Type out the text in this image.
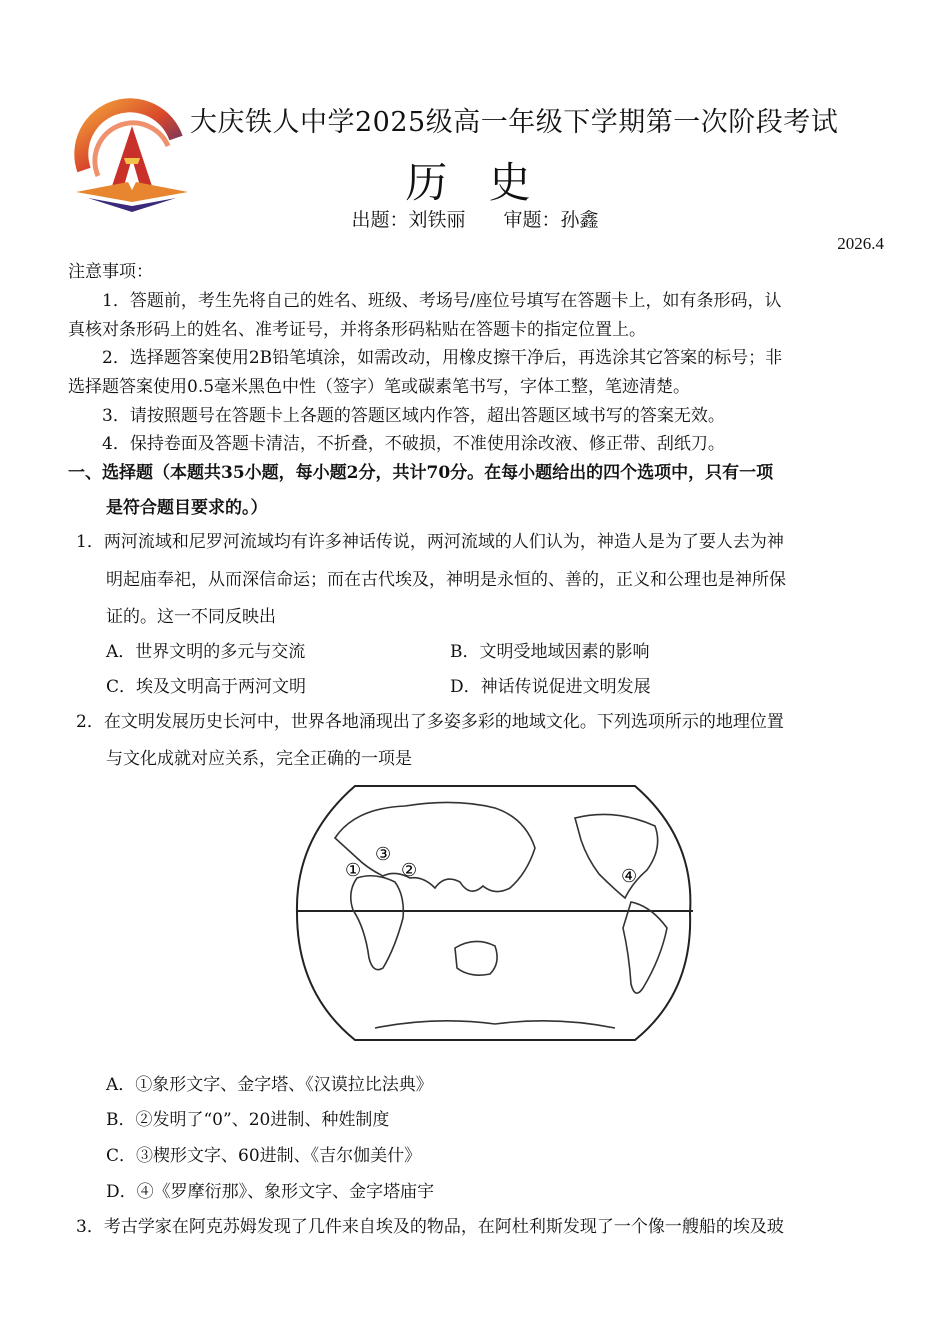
大庆铁人中学2025级高一年级下学期第一次阶段考试
历 史
出题：刘铁丽　　审题：孙鑫
2026.4
注意事项：
1．答题前，考生先将自己的姓名、班级、考场号/座位号填写在答题卡上，如有条形码，认
真核对条形码上的姓名、准考证号，并将条形码粘贴在答题卡的指定位置上。
2．选择题答案使用2B铅笔填涂，如需改动，用橡皮擦干净后，再选涂其它答案的标号；非
选择题答案使用0.5毫米黑色中性（签字）笔或碳素笔书写，字体工整，笔迹清楚。
3．请按照题号在答题卡上各题的答题区域内作答，超出答题区域书写的答案无效。
4．保持卷面及答题卡清洁，不折叠，不破损，不准使用涂改液、修正带、刮纸刀。
一、选择题（本题共35小题，每小题2分，共计70分。在每小题给出的四个选项中，只有一项
是符合题目要求的。）
1．两河流域和尼罗河流域均有许多神话传说，两河流域的人们认为，神造人是为了要人去为神
明起庙奉祀，从而深信命运；而在古代埃及，神明是永恒的、善的，正义和公理也是神所保
证的。这一不同反映出
A．世界文明的多元与交流	B．文明受地域因素的影响
C．埃及文明高于两河文明	D．神话传说促进文明发展
2．在文明发展历史长河中，世界各地涌现出了多姿多彩的地域文化。下列选项所示的地理位置
与文化成就对应关系，完全正确的一项是
①
③
②	④
A．①象形文字、金字塔、《汉谟拉比法典》
B．②发明了“0”、20进制、种姓制度
C．③楔形文字、60进制、《吉尔伽美什》
D．④《罗摩衍那》、象形文字、金字塔庙宇
3．考古学家在阿克苏姆发现了几件来自埃及的物品，在阿杜利斯发现了一个像一艘船的埃及玻
